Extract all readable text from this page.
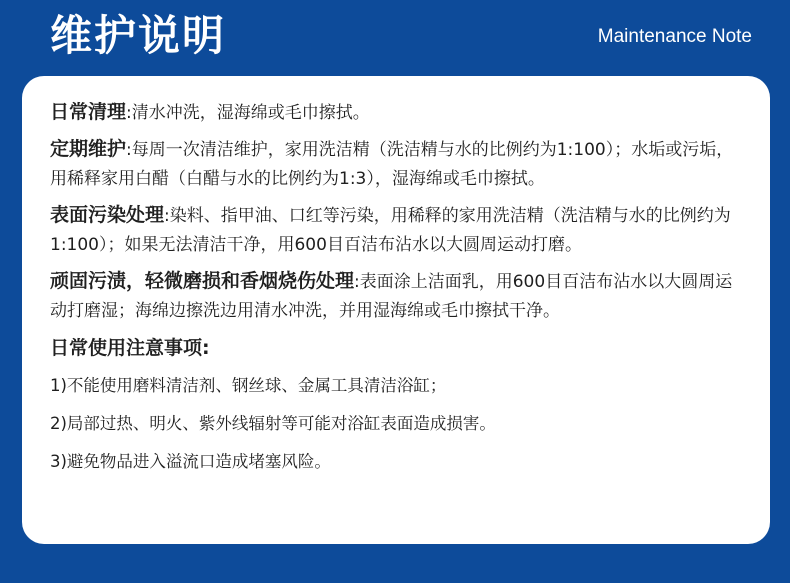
维护说明	Maintenance Note

日常清理:清水冲洗，湿海绵或毛巾擦拭。

定期维护:每周一次清洁维护，家用洗洁精（洗洁精与水的比例约为1:100）；水垢或污垢，用稀释家用白醋（白醋与水的比例约为1:3），湿海绵或毛巾擦拭。

表面污染处理:染料、指甲油、口红等污染，用稀释的家用洗洁精（洗洁精与水的比例约为1:100）；如果无法清洁干净，用600目百洁布沾水以大圆周运动打磨。

顽固污渍，轻微磨损和香烟烧伤处理:表面涂上洁面乳，用600目百洁布沾水以大圆周运动打磨湿；海绵边擦洗边用清水冲洗，并用湿海绵或毛巾擦拭干净。

日常使用注意事项:
1)不能使用磨料清洁剂、钢丝球、金属工具清洁浴缸；
2)局部过热、明火、紫外线辐射等可能对浴缸表面造成损害。
3)避免物品进入溢流口造成堵塞风险。
